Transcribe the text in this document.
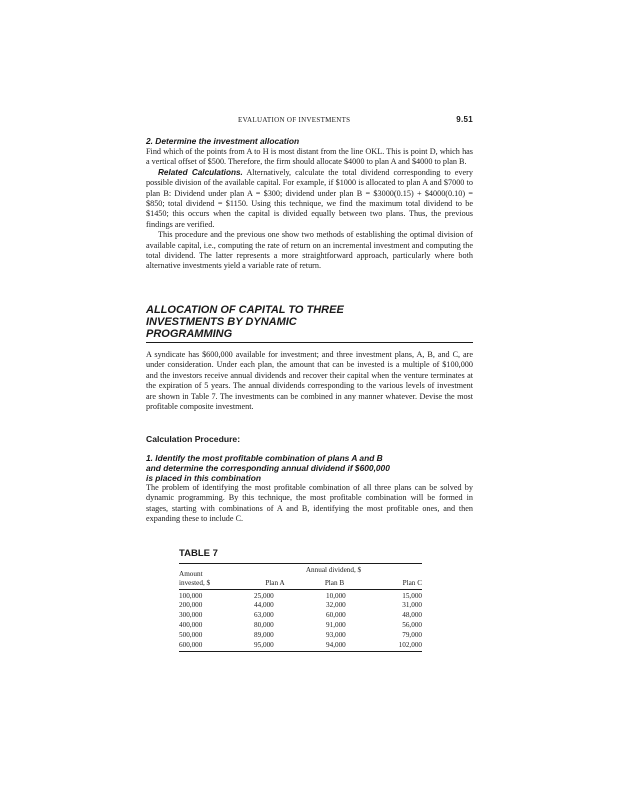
EVALUATION OF INVESTMENTS	9.51
2. Determine the investment allocation

Find which of the points from A to H is most distant from the line OKL. This is point D, which has a vertical offset of $500. Therefore, the firm should allocate $4000 to plan A and $4000 to plan B.

Related Calculations. Alternatively, calculate the total dividend corresponding to every possible division of the available capital. For example, if $1000 is allocated to plan A and $7000 to plan B: Dividend under plan A = $300; dividend under plan B = $3000(0.15) + $4000(0.10) = $850; total dividend = $1150. Using this technique, we find the maximum total dividend to be $1450; this occurs when the capital is divided equally between two plans. Thus, the previous findings are verified.

This procedure and the previous one show two methods of establishing the optimal division of available capital, i.e., computing the rate of return on an incremental investment and computing the total dividend. The latter represents a more straightforward approach, particularly where both alternative investments yield a variable rate of return.

ALLOCATION OF CAPITAL TO THREE
INVESTMENTS BY DYNAMIC
PROGRAMMING

A syndicate has $600,000 available for investment; and three investment plans, A, B, and C, are under consideration. Under each plan, the amount that can be invested is a multiple of $100,000 and the investors receive annual dividends and recover their capital when the venture terminates at the expiration of 5 years. The annual dividends corresponding to the various levels of investment are shown in Table 7. The investments can be combined in any manner whatever. Devise the most profitable composite investment.

Calculation Procedure:
1. Identify the most profitable combination of plans A and B
and determine the corresponding annual dividend if $600,000
is placed in this combination

The problem of identifying the most profitable combination of all three plans can be solved by dynamic programming. By this technique, the most profitable combination will be formed in stages, starting with combinations of A and B, identifying the most profitable ones, and then expanding these to include C.

TABLE 7
Amount	Annual dividend, $		
invested, $	Plan A	Plan B	Plan C
100,000	25,000	10,000	15,000
200,000	44,000	32,000	31,000
300,000	63,000	60,000	48,000
400,000	80,000	91,000	56,000
500,000	89,000	93,000	79,000
600,000	95,000	94,000	102,000
